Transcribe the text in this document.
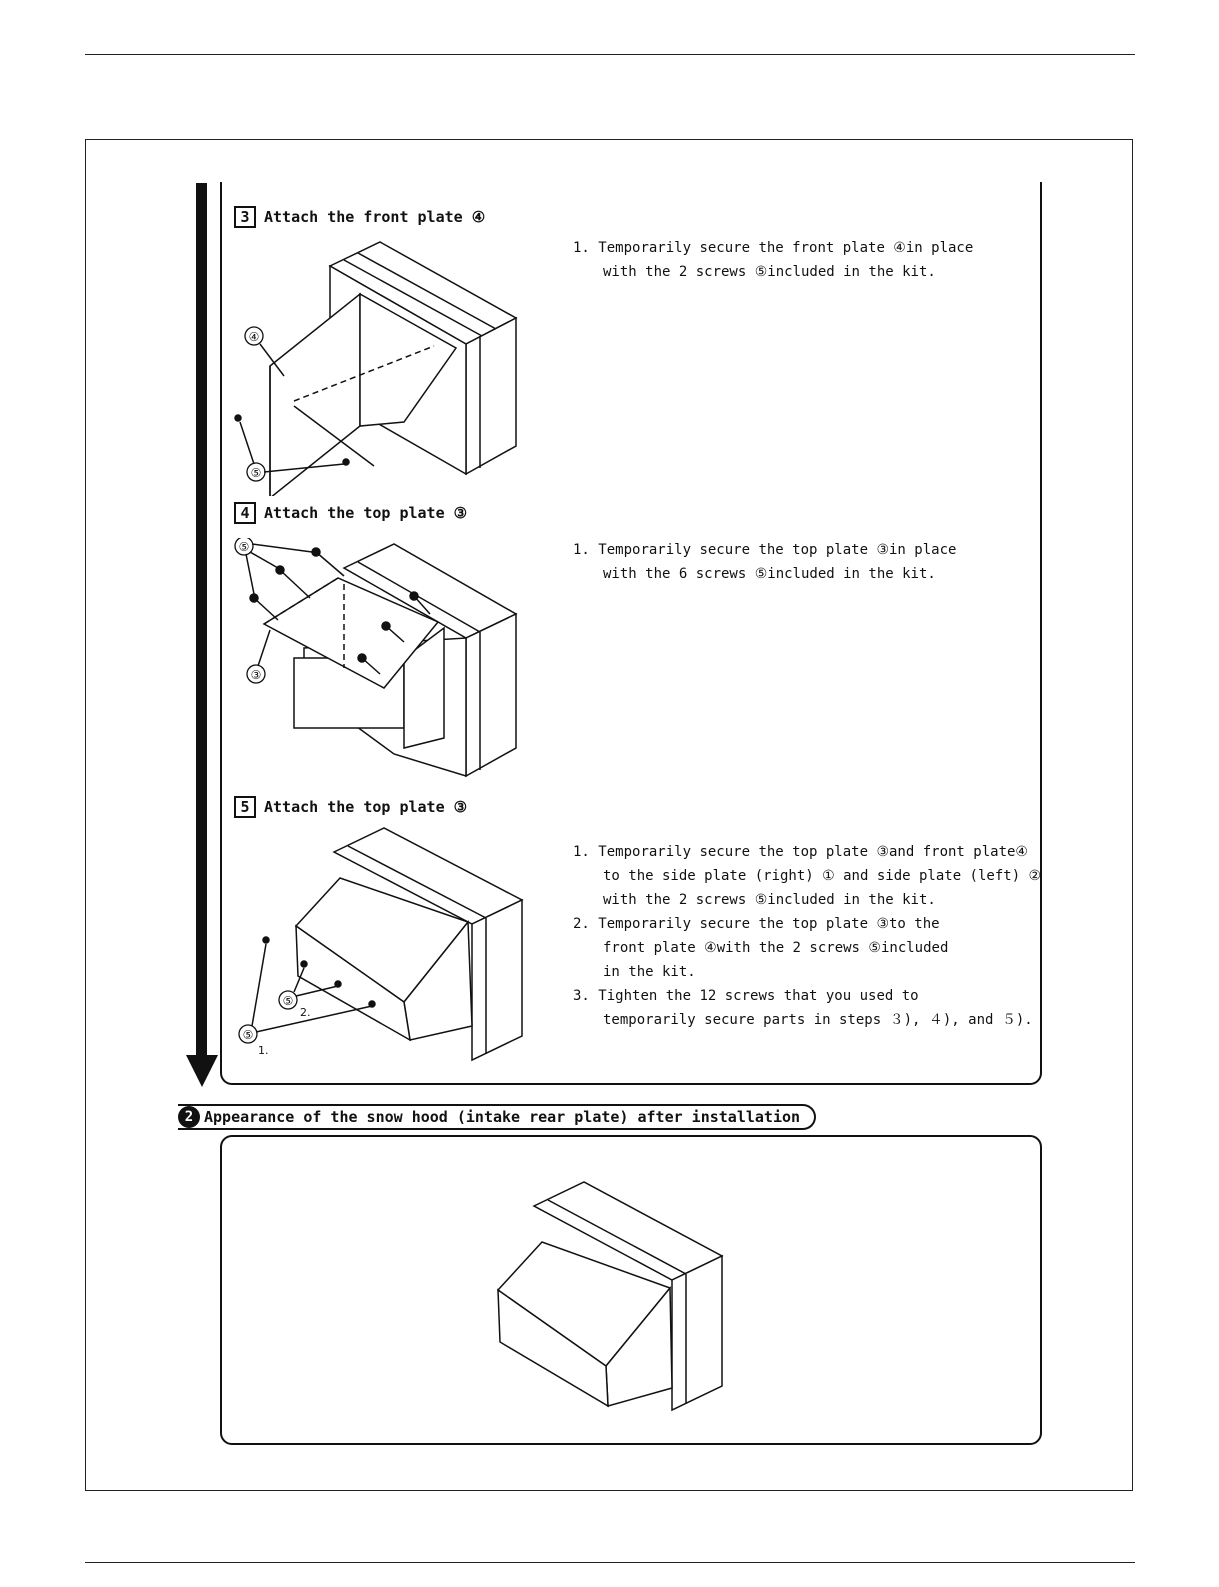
3 Attach the front plate ④
1. Temporarily secure the front plate ④in place
with the 2 screws ⑤included in the kit.
④
⑤
4 Attach the top plate ③
1. Temporarily secure the top plate ③in place
with the 6 screws ⑤included in the kit.
⑤
③
5 Attach the top plate ③
1. Temporarily secure the top plate ③and front plate④
to the side plate (right) ① and side plate (left) ②
with the 2 screws ⑤included in the kit.
2. Temporarily secure the top plate ③to the
front plate ④with the 2 screws ⑤included
in the kit.
3. Tighten the 12 screws that you used to
temporarily secure parts in steps ３), ４), and ５).
⑤
2.
⑤
1.
2 Appearance of the snow hood (intake rear plate) after installation
